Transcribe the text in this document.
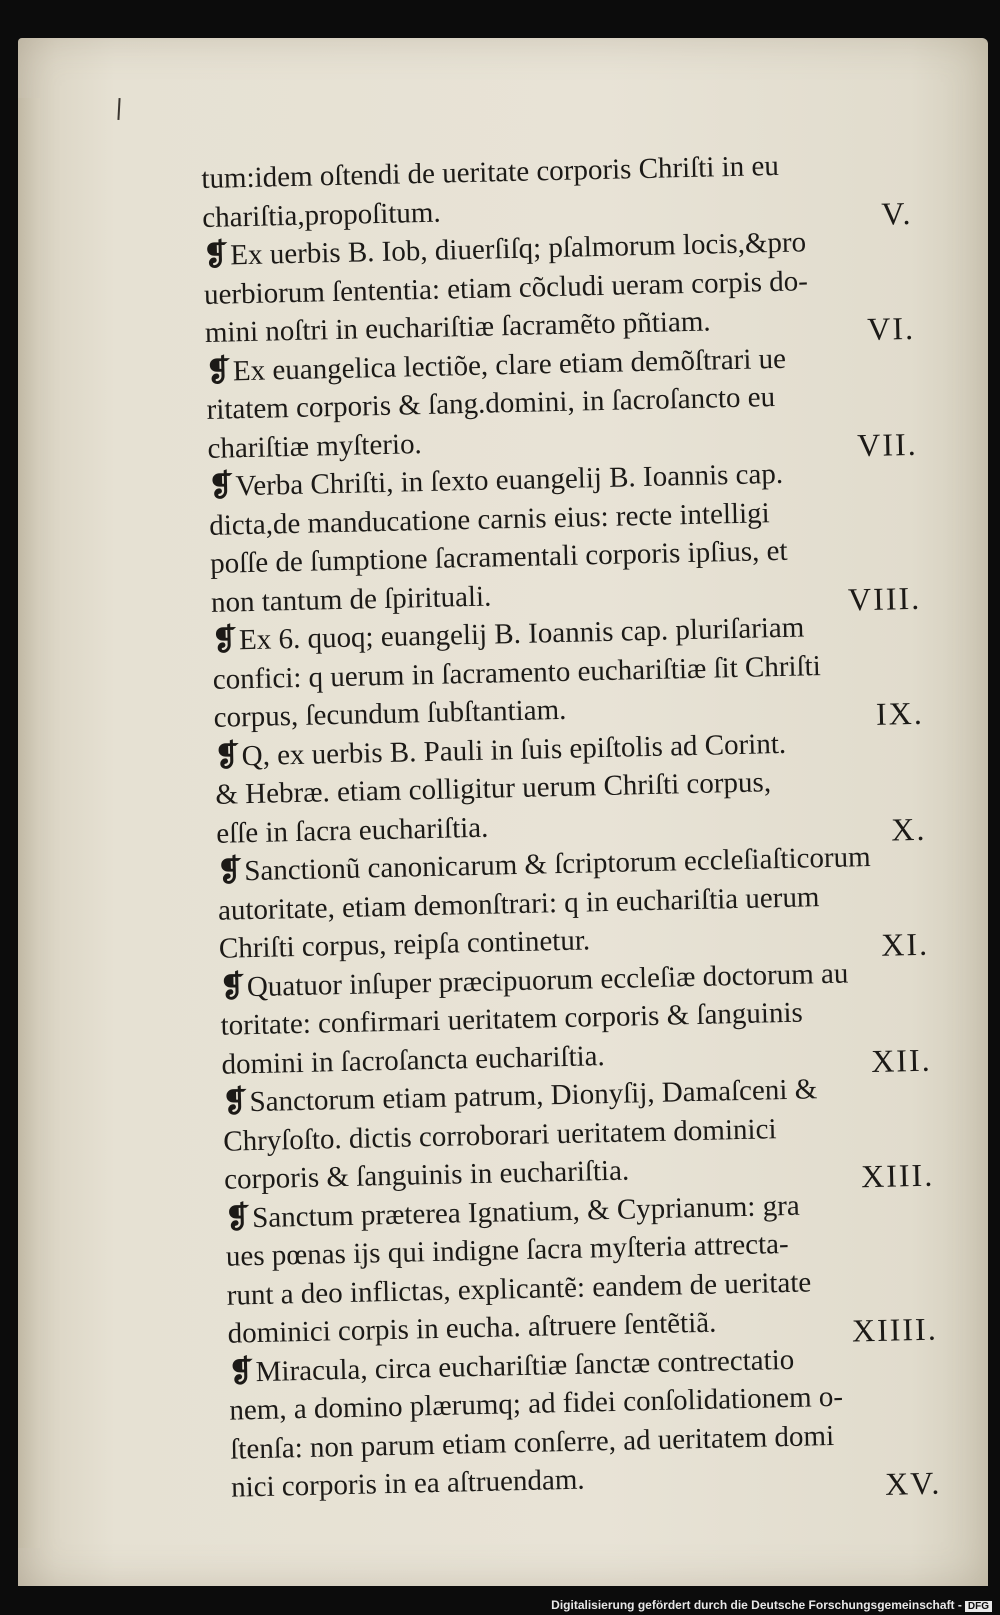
tum:idem oſtendi de ueritate corporis Chriſti in eu
chariſtia,propoſitum.	V.
❡Ex uerbis B. Iob, diuerſiſq; pſalmorum locis,&pro
uerbiorum ſententia: etiam cõcludi ueram corpis do-
mini noſtri in euchariſtiæ ſacramẽto pñtiam.	VI.
❡Ex euangelica lectiõe, clare etiam demõſtrari ue
ritatem corporis & ſang.domini, in ſacroſancto eu
chariſtiæ myſterio.	VII.
❡Verba Chriſti, in ſexto euangelij B. Ioannis cap.
dicta,de manducatione carnis eius: recte intelligi
poſſe de ſumptione ſacramentali corporis ipſius, et
non tantum de ſpirituali.	VIII.
❡Ex 6. quoq; euangelij B. Ioannis cap. pluriſariam
confici: q uerum in ſacramento euchariſtiæ ſit Chriſti
corpus, ſecundum ſubſtantiam.	IX.
❡Q, ex uerbis B. Pauli in ſuis epiſtolis ad Corint.
& Hebræ. etiam colligitur uerum Chriſti corpus,
eſſe in ſacra euchariſtia.	X.
❡Sanctionũ canonicarum & ſcriptorum eccleſiaſticorum
autoritate, etiam demonſtrari: q in euchariſtia uerum
Chriſti corpus, reipſa continetur.	XI.
❡Quatuor inſuper præcipuorum eccleſiæ doctorum au
toritate: confirmari ueritatem corporis & ſanguinis
domini in ſacroſancta euchariſtia.	XII.
❡Sanctorum etiam patrum, Dionyſij, Damaſceni &
Chryſoſto. dictis corroborari ueritatem dominici
corporis & ſanguinis in euchariſtia.	XIII.
❡Sanctum præterea Ignatium, & Cyprianum: gra
ues pœnas ijs qui indigne ſacra myſteria attrecta-
runt a deo inflictas, explicantẽ: eandem de ueritate
dominici corpis in eucha. aſtruere ſentẽtiã.	XIIII.
❡Miracula, circa euchariſtiæ ſanctæ contrectatio
nem, a domino plærumq; ad fidei conſolidationem o-
ſtenſa: non parum etiam conſerre, ad ueritatem domi
nici corporis in ea aſtruendam.	XV.
Digitalisierung gefördert durch die Deutsche Forschungsgemeinschaft - DFG
